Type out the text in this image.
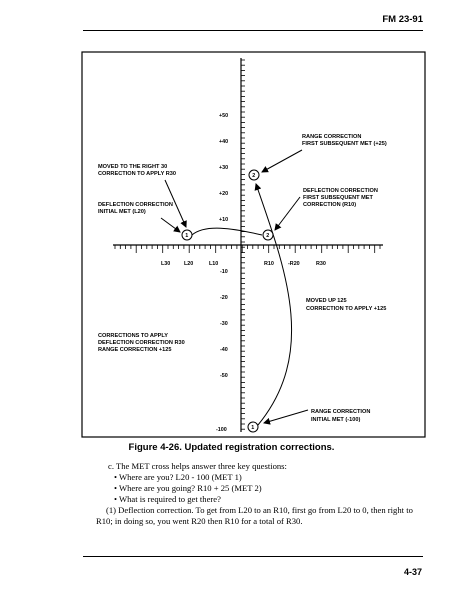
FM 23-91
+50
+40
+30
+20
+10
-10
-20
-30
-40
-50
-100
L30	L20	L10	R10	-R20	R30
1
2
2
1
MOVED TO THE RIGHT 30
CORRECTION TO APPLY R30
DEFLECTION CORRECTION
INITIAL MET (L20)
RANGE CORRECTION
FIRST SUBSEQUENT MET (+25)
DEFLECTION CORRECTION
FIRST SUBSEQUENT MET
CORRECTION (R10)
MOVED UP 125
CORRECTION TO APPLY +125
CORRECTIONS TO APPLY
DEFLECTION CORRECTION R30
RANGE CORRECTION +125
RANGE CORRECTION
INITIAL MET (-100)
Figure 4-26. Updated registration corrections.

c. The MET cross helps answer three key questions:

• Where are you? L20 - 100 (MET 1)

• Where are you going? R10 + 25 (MET 2)

• What is required to get there?

(1) Deflection correction. To get from L20 to an R10, first go from L20 to 0, then right to R10; in doing so, you went R20 then R10 for a total of R30.

4-37
